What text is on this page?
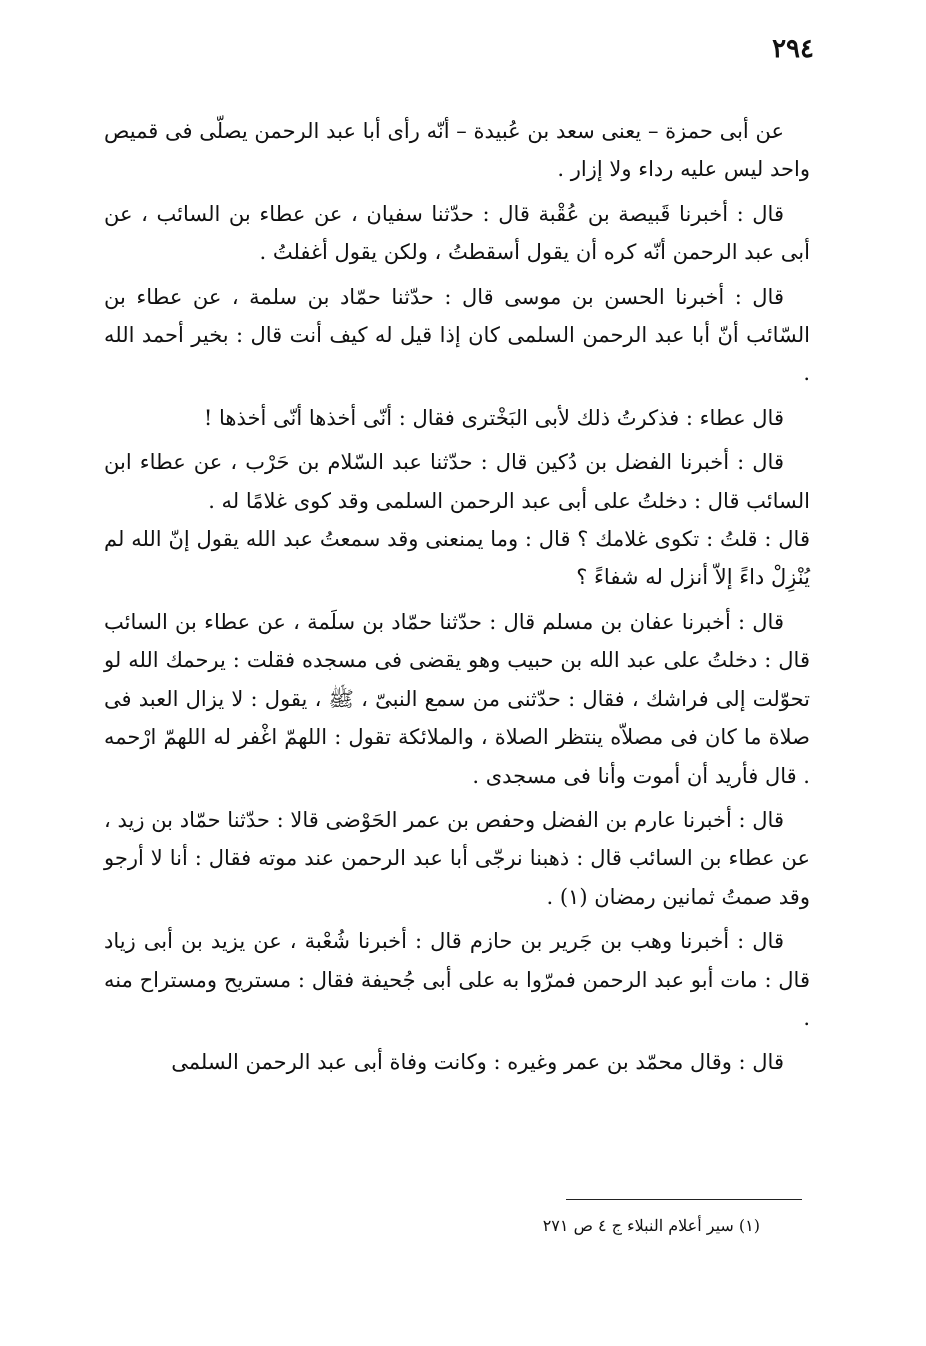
٢٩٤

عن أبى حمزة – يعنى سعد بن عُبيدة – أنّه رأى أبا عبد الرحمن يصلّى فى قميص واحد ليس عليه رداء ولا إزار .

قال : أخبرنا قَبيصة بن عُقْبة قال : حدّثنا سفيان ، عن عطاء بن السائب ، عن أبى عبد الرحمن أنّه كره أن يقول أسقطتُ ، ولكن يقول أغفلتُ .

قال : أخبرنا الحسن بن موسى قال : حدّثنا حمّاد بن سلمة ، عن عطاء بن السّائب أنّ أبا عبد الرحمن السلمى كان إذا قيل له كيف أنت قال : بخير أحمد الله .

قال عطاء : فذكرتُ ذلك لأبى البَخْترى فقال : أنّى أخذها أنّى أخذها !

قال : أخبرنا الفضل بن دُكين قال : حدّثنا عبد السّلام بن حَرْب ، عن عطاء ابن السائب قال : دخلتُ على أبى عبد الرحمن السلمى وقد كوى غلامًا له .

قال : قلتُ : تكوى غلامك ؟ قال : وما يمنعنى وقد سمعتُ عبد الله يقول إنّ الله لم يُنْزِلْ داءً إلاّ أنزل له شفاءً ؟

قال : أخبرنا عفان بن مسلم قال : حدّثنا حمّاد بن سلَمة ، عن عطاء بن السائب قال : دخلتُ على عبد الله بن حبيب وهو يقضى فى مسجده فقلت : يرحمك الله لو تحوّلت إلى فراشك ، فقال : حدّثنى من سمع النبىّ ، ﷺ ، يقول : لا يزال العبد فى صلاة ما كان فى مصلاّه ينتظر الصلاة ، والملائكة تقول : اللهمّ اغْفر له اللهمّ ارْحمه . قال فأريد أن أموت وأنا فى مسجدى .

قال : أخبرنا عارم بن الفضل وحفص بن عمر الحَوْضى قالا : حدّثنا حمّاد بن زيد ، عن عطاء بن السائب قال : ذهبنا نرجّى أبا عبد الرحمن عند موته فقال : أنا لا أرجو وقد صمتُ ثمانين رمضان (١) .

قال : أخبرنا وهب بن جَرير بن حازم قال : أخبرنا شُعْبة ، عن يزيد بن أبى زياد قال : مات أبو عبد الرحمن فمرّوا به على أبى جُحيفة فقال : مستريح ومستراح منه .

قال : وقال محمّد بن عمر وغيره : وكانت وفاة أبى عبد الرحمن السلمى

(١) سير أعلام النبلاء ج ٤ ص ٢٧١
